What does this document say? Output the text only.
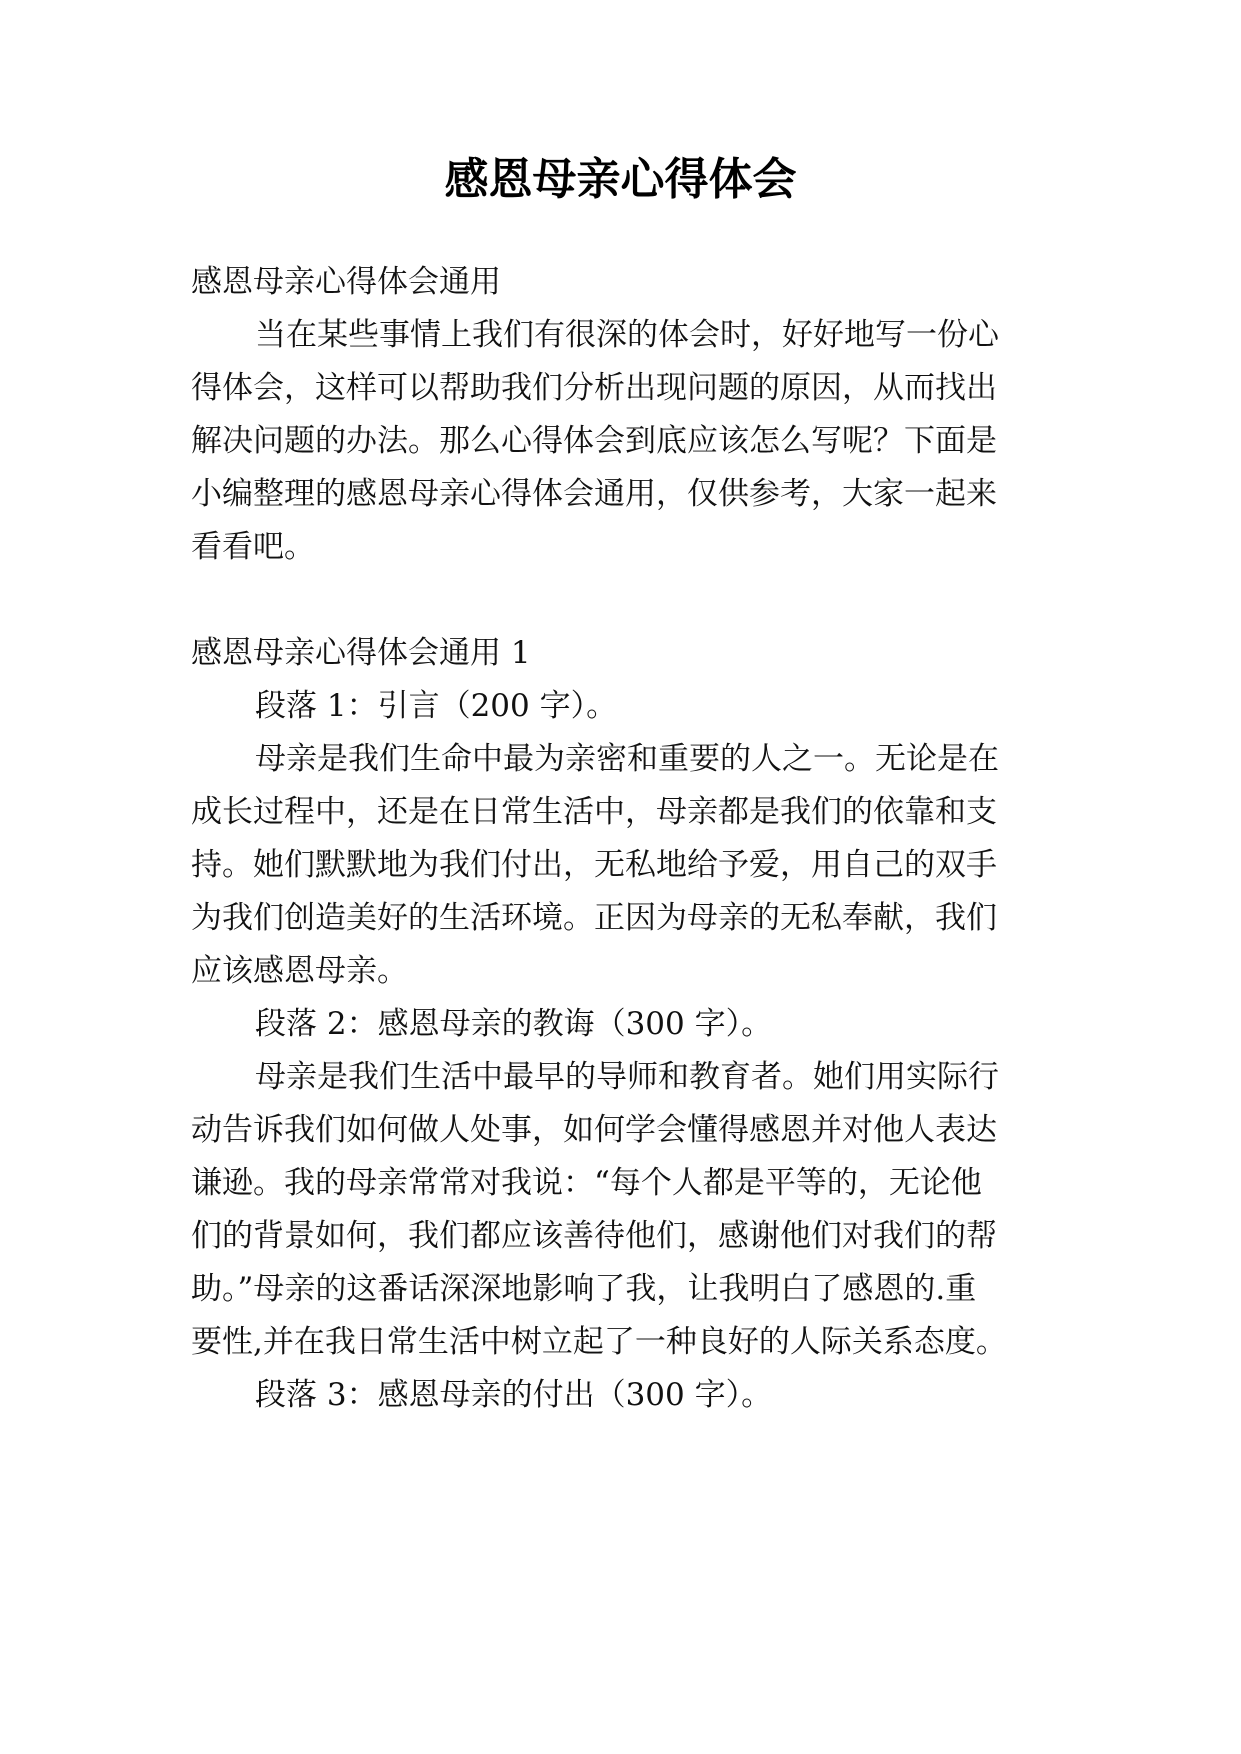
感恩母亲心得体会
感恩母亲心得体会通用
当在某些事情上我们有很深的体会时，好好地写一份心
得体会，这样可以帮助我们分析出现问题的原因，从而找出
解决问题的办法。那么心得体会到底应该怎么写呢？下面是
小编整理的感恩母亲心得体会通用，仅供参考，大家一起来
看看吧。
感恩母亲心得体会通用 1
段落 1：引言（200 字）。
母亲是我们生命中最为亲密和重要的人之一。无论是在
成长过程中，还是在日常生活中，母亲都是我们的依靠和支
持。她们默默地为我们付出，无私地给予爱，用自己的双手
为我们创造美好的生活环境。正因为母亲的无私奉献，我们
应该感恩母亲。
段落 2：感恩母亲的教诲（300 字）。
母亲是我们生活中最早的导师和教育者。她们用实际行
动告诉我们如何做人处事，如何学会懂得感恩并对他人表达
谦逊。我的母亲常常对我说：“每个人都是平等的，无论他
们的背景如何，我们都应该善待他们，感谢他们对我们的帮
助。”母亲的这番话深深地影响了我，让我明白了感恩的.重
要性,并在我日常生活中树立起了一种良好的人际关系态度。
段落 3：感恩母亲的付出（300 字）。
